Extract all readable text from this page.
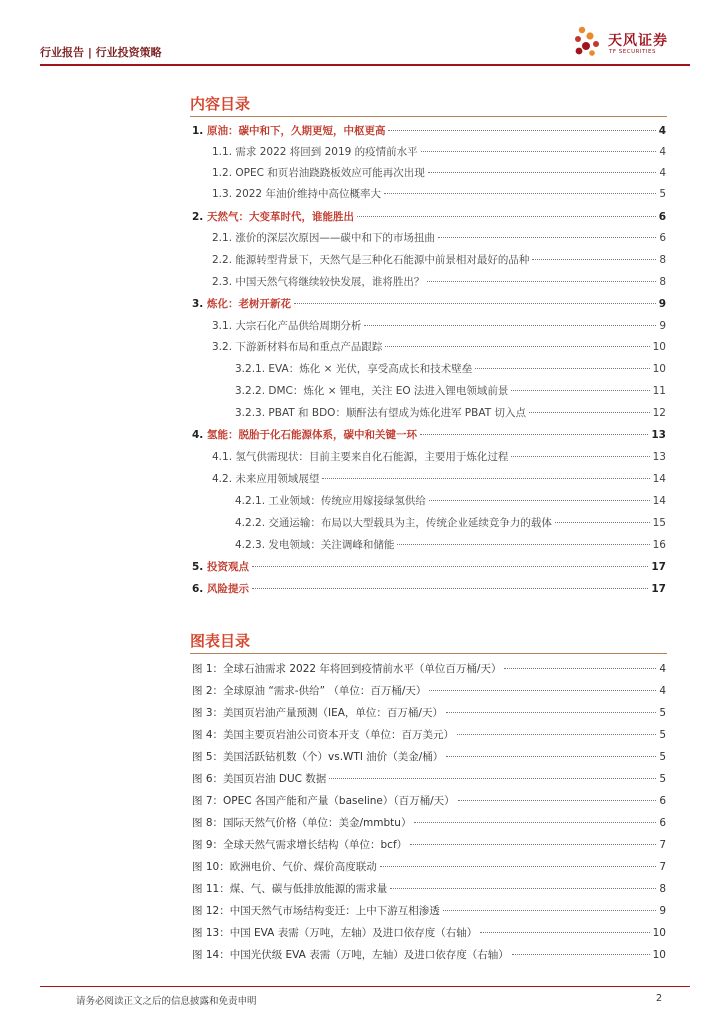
行业报告 | 行业投资策略
天风证券
TF SECURITIES
内容目录
1. 原油：碳中和下，久期更短，中枢更高	4
1.1. 需求 2022 将回到 2019 的疫情前水平	4
1.2. OPEC 和页岩油跷跷板效应可能再次出现	4
1.3. 2022 年油价维持中高位概率大	5
2. 天然气：大变革时代，谁能胜出	6
2.1. 涨价的深层次原因——碳中和下的市场扭曲	6
2.2. 能源转型背景下，天然气是三种化石能源中前景相对最好的品种	8
2.3. 中国天然气将继续较快发展，谁将胜出？	8
3. 炼化：老树开新花	9
3.1. 大宗石化产品供给周期分析	9
3.2. 下游新材料布局和重点产品跟踪	10
3.2.1. EVA：炼化 × 光伏，享受高成长和技术壁垒	10
3.2.2. DMC：炼化 × 锂电，关注 EO 法进入锂电领域前景	11
3.2.3. PBAT 和 BDO：顺酐法有望成为炼化进军 PBAT 切入点	12
4. 氢能：脱胎于化石能源体系，碳中和关键一环	13
4.1. 氢气供需现状：目前主要来自化石能源，主要用于炼化过程	13
4.2. 未来应用领域展望	14
4.2.1. 工业领域：传统应用嫁接绿氢供给	14
4.2.2. 交通运输：布局以大型载具为主，传统企业延续竞争力的载体	15
4.2.3. 发电领域：关注调峰和储能	16
5. 投资观点	17
6. 风险提示	17
图表目录
图 1：全球石油需求 2022 年将回到疫情前水平（单位百万桶/天）	4
图 2：全球原油 “需求-供给” （单位：百万桶/天）	4
图 3：美国页岩油产量预测（IEA，单位：百万桶/天）	5
图 4：美国主要页岩油公司资本开支（单位：百万美元）	5
图 5：美国活跃钻机数（个）vs.WTI 油价（美金/桶）	5
图 6：美国页岩油 DUC 数据	5
图 7：OPEC 各国产能和产量（baseline）（百万桶/天）	6
图 8：国际天然气价格（单位：美金/mmbtu）	6
图 9：全球天然气需求增长结构（单位：bcf）	7
图 10：欧洲电价、气价、煤价高度联动	7
图 11：煤、气、碳与低排放能源的需求量	8
图 12：中国天然气市场结构变迁：上中下游互相渗透	9
图 13：中国 EVA 表需（万吨，左轴）及进口依存度（右轴）	10
图 14：中国光伏级 EVA 表需（万吨，左轴）及进口依存度（右轴）	10
请务必阅读正文之后的信息披露和免责申明	2
